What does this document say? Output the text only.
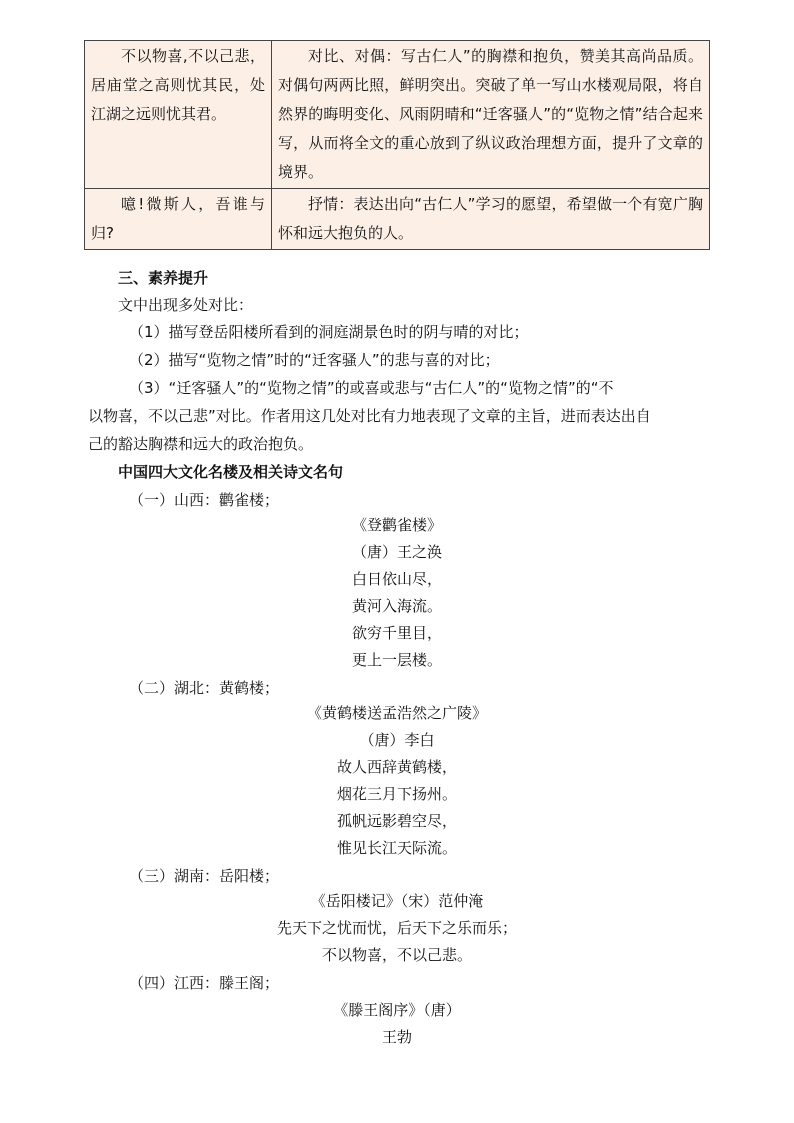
不以物喜,不以己悲，居庙堂之高则忧其民，处江湖之远则忧其君。	对比、对偶：写古仁人”的胸襟和抱负，赞美其高尚品质。对偶句两两比照，鲜明突出。突破了单一写山水楼观局限，将自然界的晦明变化、风雨阴晴和“迁客骚人”的“览物之情”结合起来写，从而将全文的重心放到了纵议政治理想方面，提升了文章的境界。
噫!微斯人，吾谁与归?	抒情：表达出向“古仁人”学习的愿望，希望做一个有宽广胸怀和远大抱负的人。
三、素养提升
文中出现多处对比：
（1）描写登岳阳楼所看到的洞庭湖景色时的阴与晴的对比；
（2）描写“览物之情”时的“迁客骚人”的悲与喜的对比；
（3）“迁客骚人”的“览物之情”的或喜或悲与“古仁人”的“览物之情”的“不
以物喜，不以己悲”对比。作者用这几处对比有力地表现了文章的主旨，进而表达出自
己的豁达胸襟和远大的政治抱负。
中国四大文化名楼及相关诗文名句
（一）山西：鹳雀楼；
《登鹳雀楼》
（唐）王之涣
白日依山尽，
黄河入海流。
欲穷千里目，
更上一层楼。
（二）湖北：黄鹤楼；
《黄鹤楼送孟浩然之广陵》
（唐）李白
故人西辞黄鹤楼，
烟花三月下扬州。
孤帆远影碧空尽，
惟见长江天际流。
（三）湖南：岳阳楼；
《岳阳楼记》（宋）范仲淹
先天下之忧而忧，后天下之乐而乐；
不以物喜，不以己悲。
（四）江西：滕王阁；
《滕王阁序》（唐）
王勃
